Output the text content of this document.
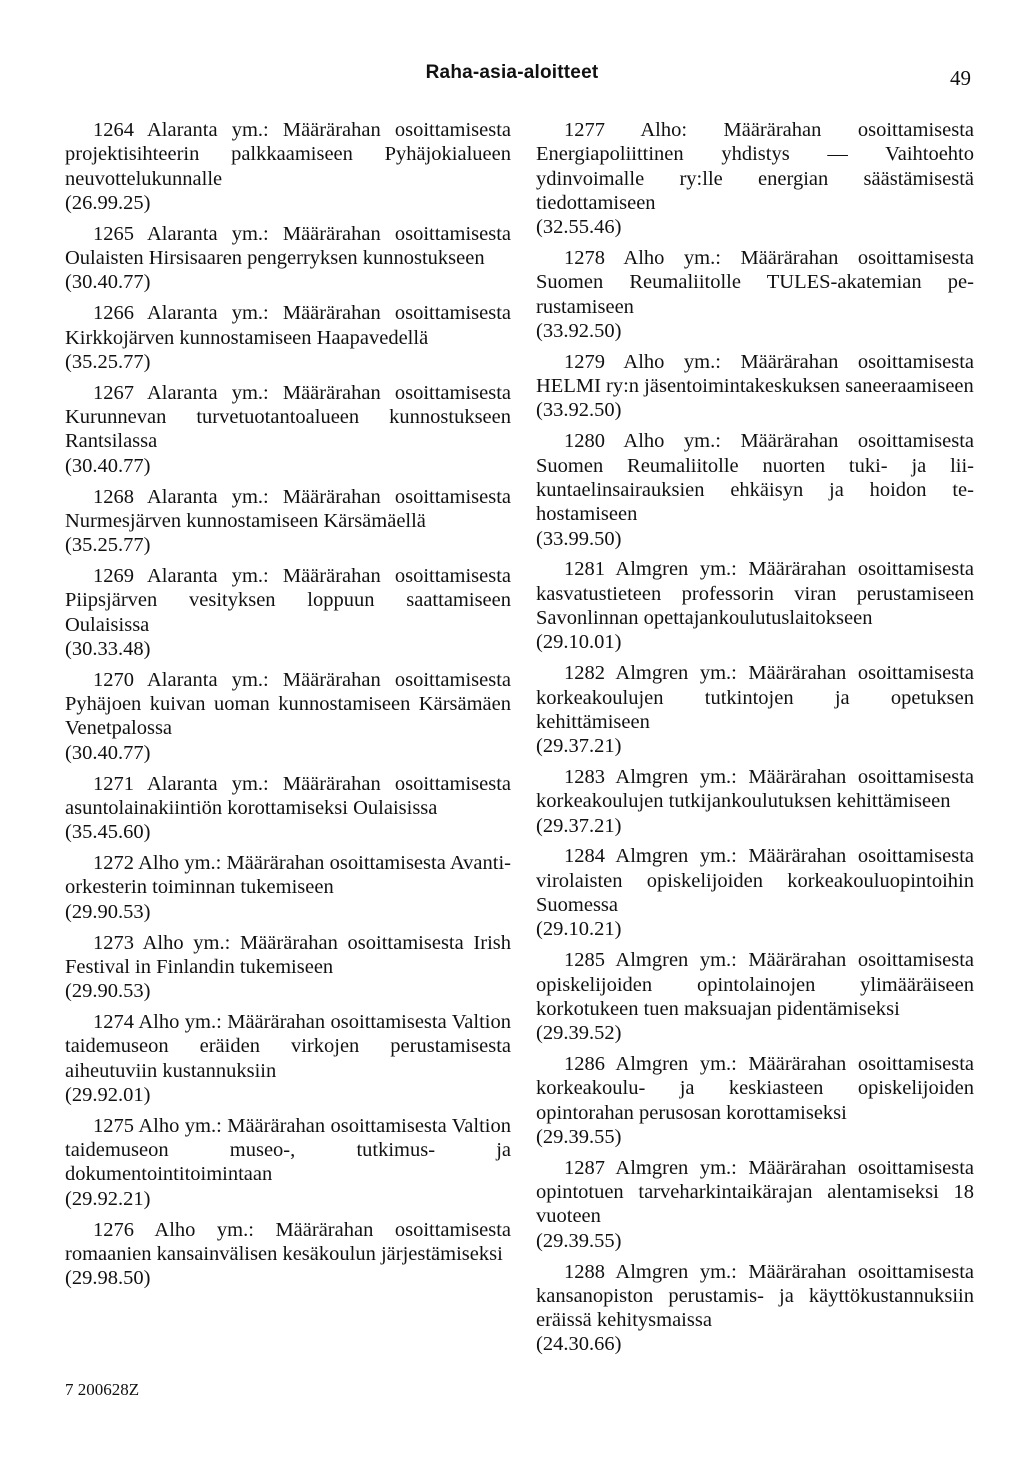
Raha-asia-aloitteet	49

1264 Alaranta ym.: Määrärahan osoittamisesta projektisihteerin palkkaamiseen Pyhäjokialueen neuvottelukunnalle
(26.99.25)

1265 Alaranta ym.: Määrärahan osoittamisesta Oulaisten Hirsisaaren pengerryksen kunnostukseen
(30.40.77)

1266 Alaranta ym.: Määrärahan osoittamisesta Kirkkojärven kunnostamiseen Haapavedellä
(35.25.77)

1267 Alaranta ym.: Määrärahan osoittamisesta Kurunnevan turvetuotantoalueen kunnostukseen Rantsilassa
(30.40.77)

1268 Alaranta ym.: Määrärahan osoittamisesta Nurmesjärven kunnostamiseen Kärsämäellä
(35.25.77)

1269 Alaranta ym.: Määrärahan osoittamisesta Piipsjärven vesityksen loppuun saattamiseen Oulaisissa
(30.33.48)

1270 Alaranta ym.: Määrärahan osoittamisesta Pyhäjoen kuivan uoman kunnostamiseen Kärsämäen Venetpalossa
(30.40.77)

1271 Alaranta ym.: Määrärahan osoittamisesta asuntolainakiintiön korottamiseksi Oulaisissa
(35.45.60)

1272 Alho ym.: Määrärahan osoittamisesta Avanti-orkesterin toiminnan tukemiseen
(29.90.53)

1273 Alho ym.: Määrärahan osoittamisesta Irish Festival in Finlandin tukemiseen
(29.90.53)

1274 Alho ym.: Määrärahan osoittamisesta Valtion taidemuseon eräiden virkojen perustamisesta aiheutuviin kustannuksiin
(29.92.01)

1275 Alho ym.: Määrärahan osoittamisesta Valtion taidemuseon museo-, tutkimus- ja dokumentointitoimintaan
(29.92.21)

1276 Alho ym.: Määrärahan osoittamisesta romaanien kansainvälisen kesäkoulun järjestämiseksi
(29.98.50)

1277 Alho: Määrärahan osoittamisesta Energiapoliittinen yhdistys — Vaihtoehto ydinvoimalle ry:lle energian säästämisestä tiedottamiseen
(32.55.46)

1278 Alho ym.: Määrärahan osoittamisesta Suomen Reumaliitolle TULES-akatemian perustamiseen
(33.92.50)

1279 Alho ym.: Määrärahan osoittamisesta HELMI ry:n jäsentoimintakeskuksen saneeraamiseen
(33.92.50)

1280 Alho ym.: Määrärahan osoittamisesta Suomen Reumaliitolle nuorten tuki- ja liikuntaelinsairauksien ehkäisyn ja hoidon tehostamiseen
(33.99.50)

1281 Almgren ym.: Määrärahan osoittamisesta kasvatustieteen professorin viran perustamiseen Savonlinnan opettajankoulutuslaitokseen
(29.10.01)

1282 Almgren ym.: Määrärahan osoittamisesta korkeakoulujen tutkintojen ja opetuksen kehittämiseen
(29.37.21)

1283 Almgren ym.: Määrärahan osoittamisesta korkeakoulujen tutkijankoulutuksen kehittämiseen
(29.37.21)

1284 Almgren ym.: Määrärahan osoittamisesta virolaisten opiskelijoiden korkeakouluopintoihin Suomessa
(29.10.21)

1285 Almgren ym.: Määrärahan osoittamisesta opiskelijoiden opintolainojen ylimääräiseen korkotukeen tuen maksuajan pidentämiseksi
(29.39.52)

1286 Almgren ym.: Määrärahan osoittamisesta korkeakoulu- ja keskiasteen opiskelijoiden opintorahan perusosan korottamiseksi
(29.39.55)

1287 Almgren ym.: Määrärahan osoittamisesta opintotuen tarveharkintaikärajan alentamiseksi 18 vuoteen
(29.39.55)

1288 Almgren ym.: Määrärahan osoittamisesta kansanopiston perustamis- ja käyttökustannuksiin eräissä kehitysmaissa
(24.30.66)

7 200628Z
